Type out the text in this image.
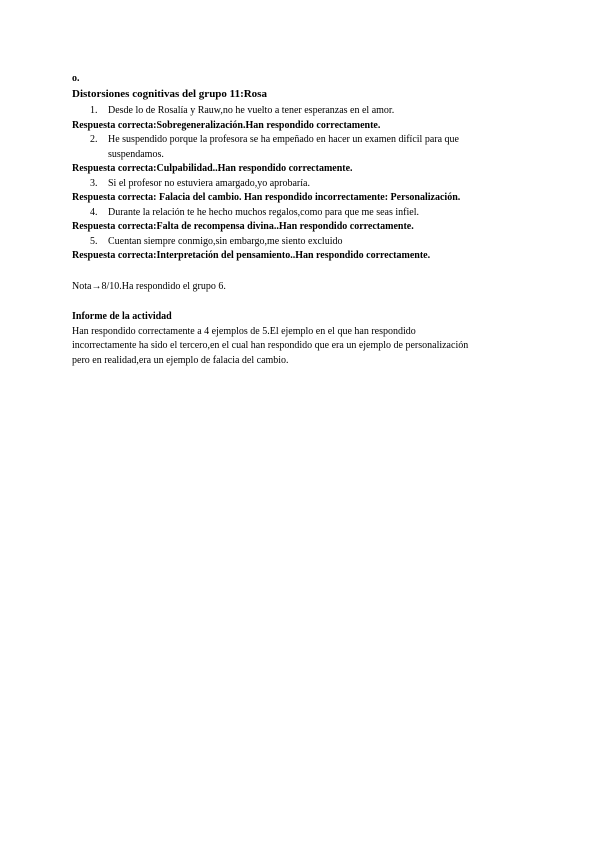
o.
Distorsiones cognitivas del grupo 11:Rosa
1. Desde lo de Rosalía y Rauw,no he vuelto a tener esperanzas en el amor.
Respuesta correcta:Sobregeneralización.Han respondido correctamente.
2. He suspendido porque la profesora se ha empeñado en hacer un examen difícil para que
suspendamos.
Respuesta correcta:Culpabilidad..Han respondido correctamente.
3. Si el profesor no estuviera amargado,yo aprobaría.
Respuesta correcta: Falacia del cambio. Han respondido incorrectamente: Personalización.
4. Durante la relación te he hecho muchos regalos,como para que me seas infiel.
Respuesta correcta:Falta de recompensa divina..Han respondido correctamente.
5. Cuentan siempre conmigo,sin embargo,me siento excluido
Respuesta correcta:Interpretación del pensamiento..Han respondido correctamente.
Nota→8/10.Ha respondido el grupo 6.
Informe de la actividad
Han respondido correctamente a 4 ejemplos de 5.El ejemplo en el que han respondido
incorrectamente ha sido el tercero,en el cual han respondido que era un ejemplo de personalización
pero en realidad,era un ejemplo de falacia del cambio.
